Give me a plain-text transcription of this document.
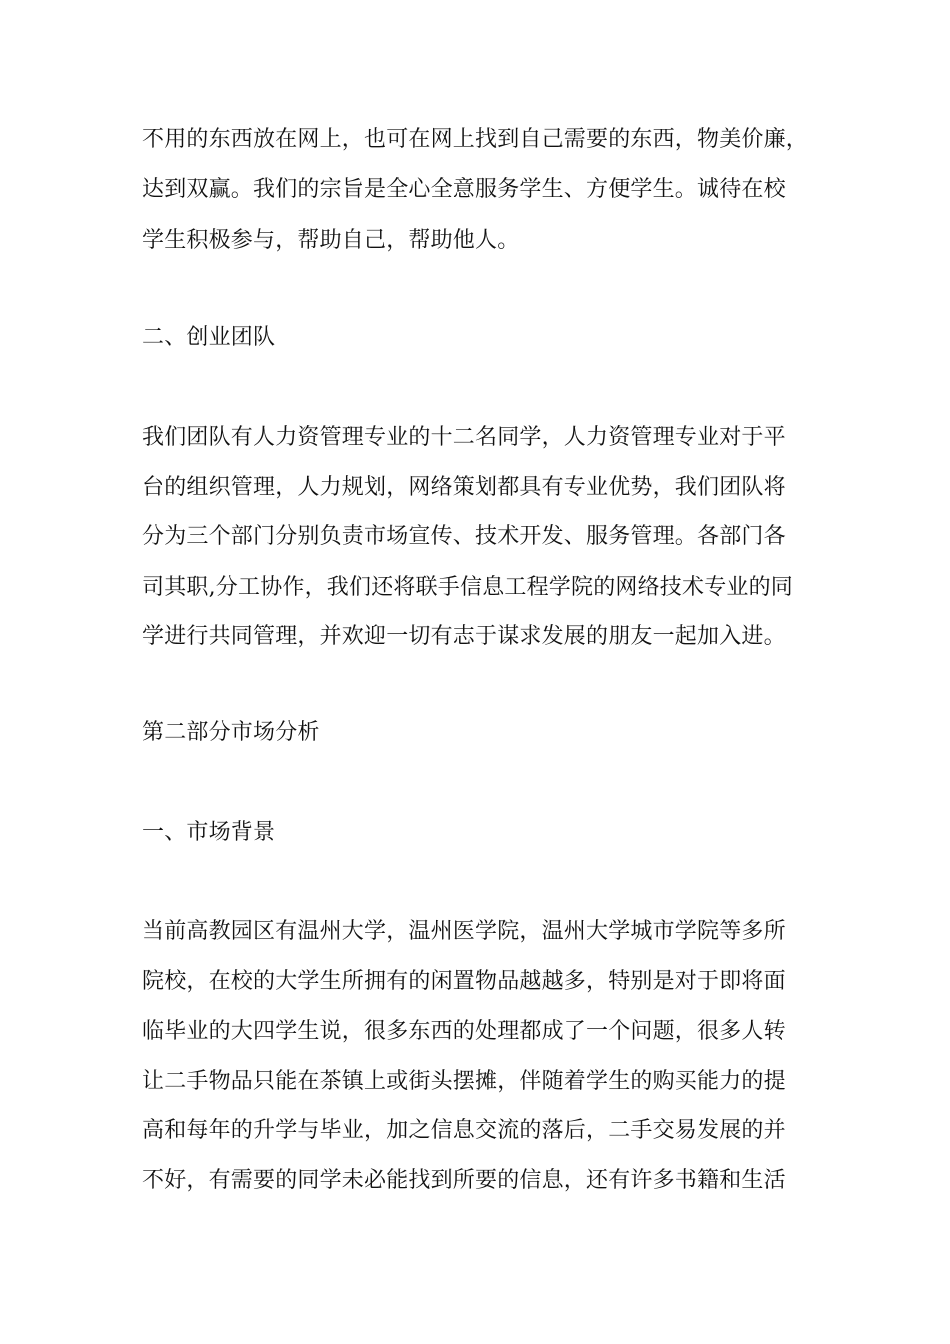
不用的东西放在网上，也可在网上找到自己需要的东西，物美价廉，
达到双赢。我们的宗旨是全心全意服务学生、方便学生。诚待在校
学生积极参与，帮助自己，帮助他人。
二、创业团队
我们团队有人力资管理专业的十二名同学，人力资管理专业对于平
台的组织管理，人力规划，网络策划都具有专业优势，我们团队将
分为三个部门分别负责市场宣传、技术开发、服务管理。各部门各
司其职,分工协作，我们还将联手信息工程学院的网络技术专业的同
学进行共同管理，并欢迎一切有志于谋求发展的朋友一起加入进。
第二部分市场分析
一、市场背景
当前高教园区有温州大学，温州医学院，温州大学城市学院等多所
院校，在校的大学生所拥有的闲置物品越越多，特别是对于即将面
临毕业的大四学生说，很多东西的处理都成了一个问题，很多人转
让二手物品只能在茶镇上或街头摆摊，伴随着学生的购买能力的提
高和每年的升学与毕业，加之信息交流的落后，二手交易发展的并
不好，有需要的同学未必能找到所要的信息，还有许多书籍和生活
